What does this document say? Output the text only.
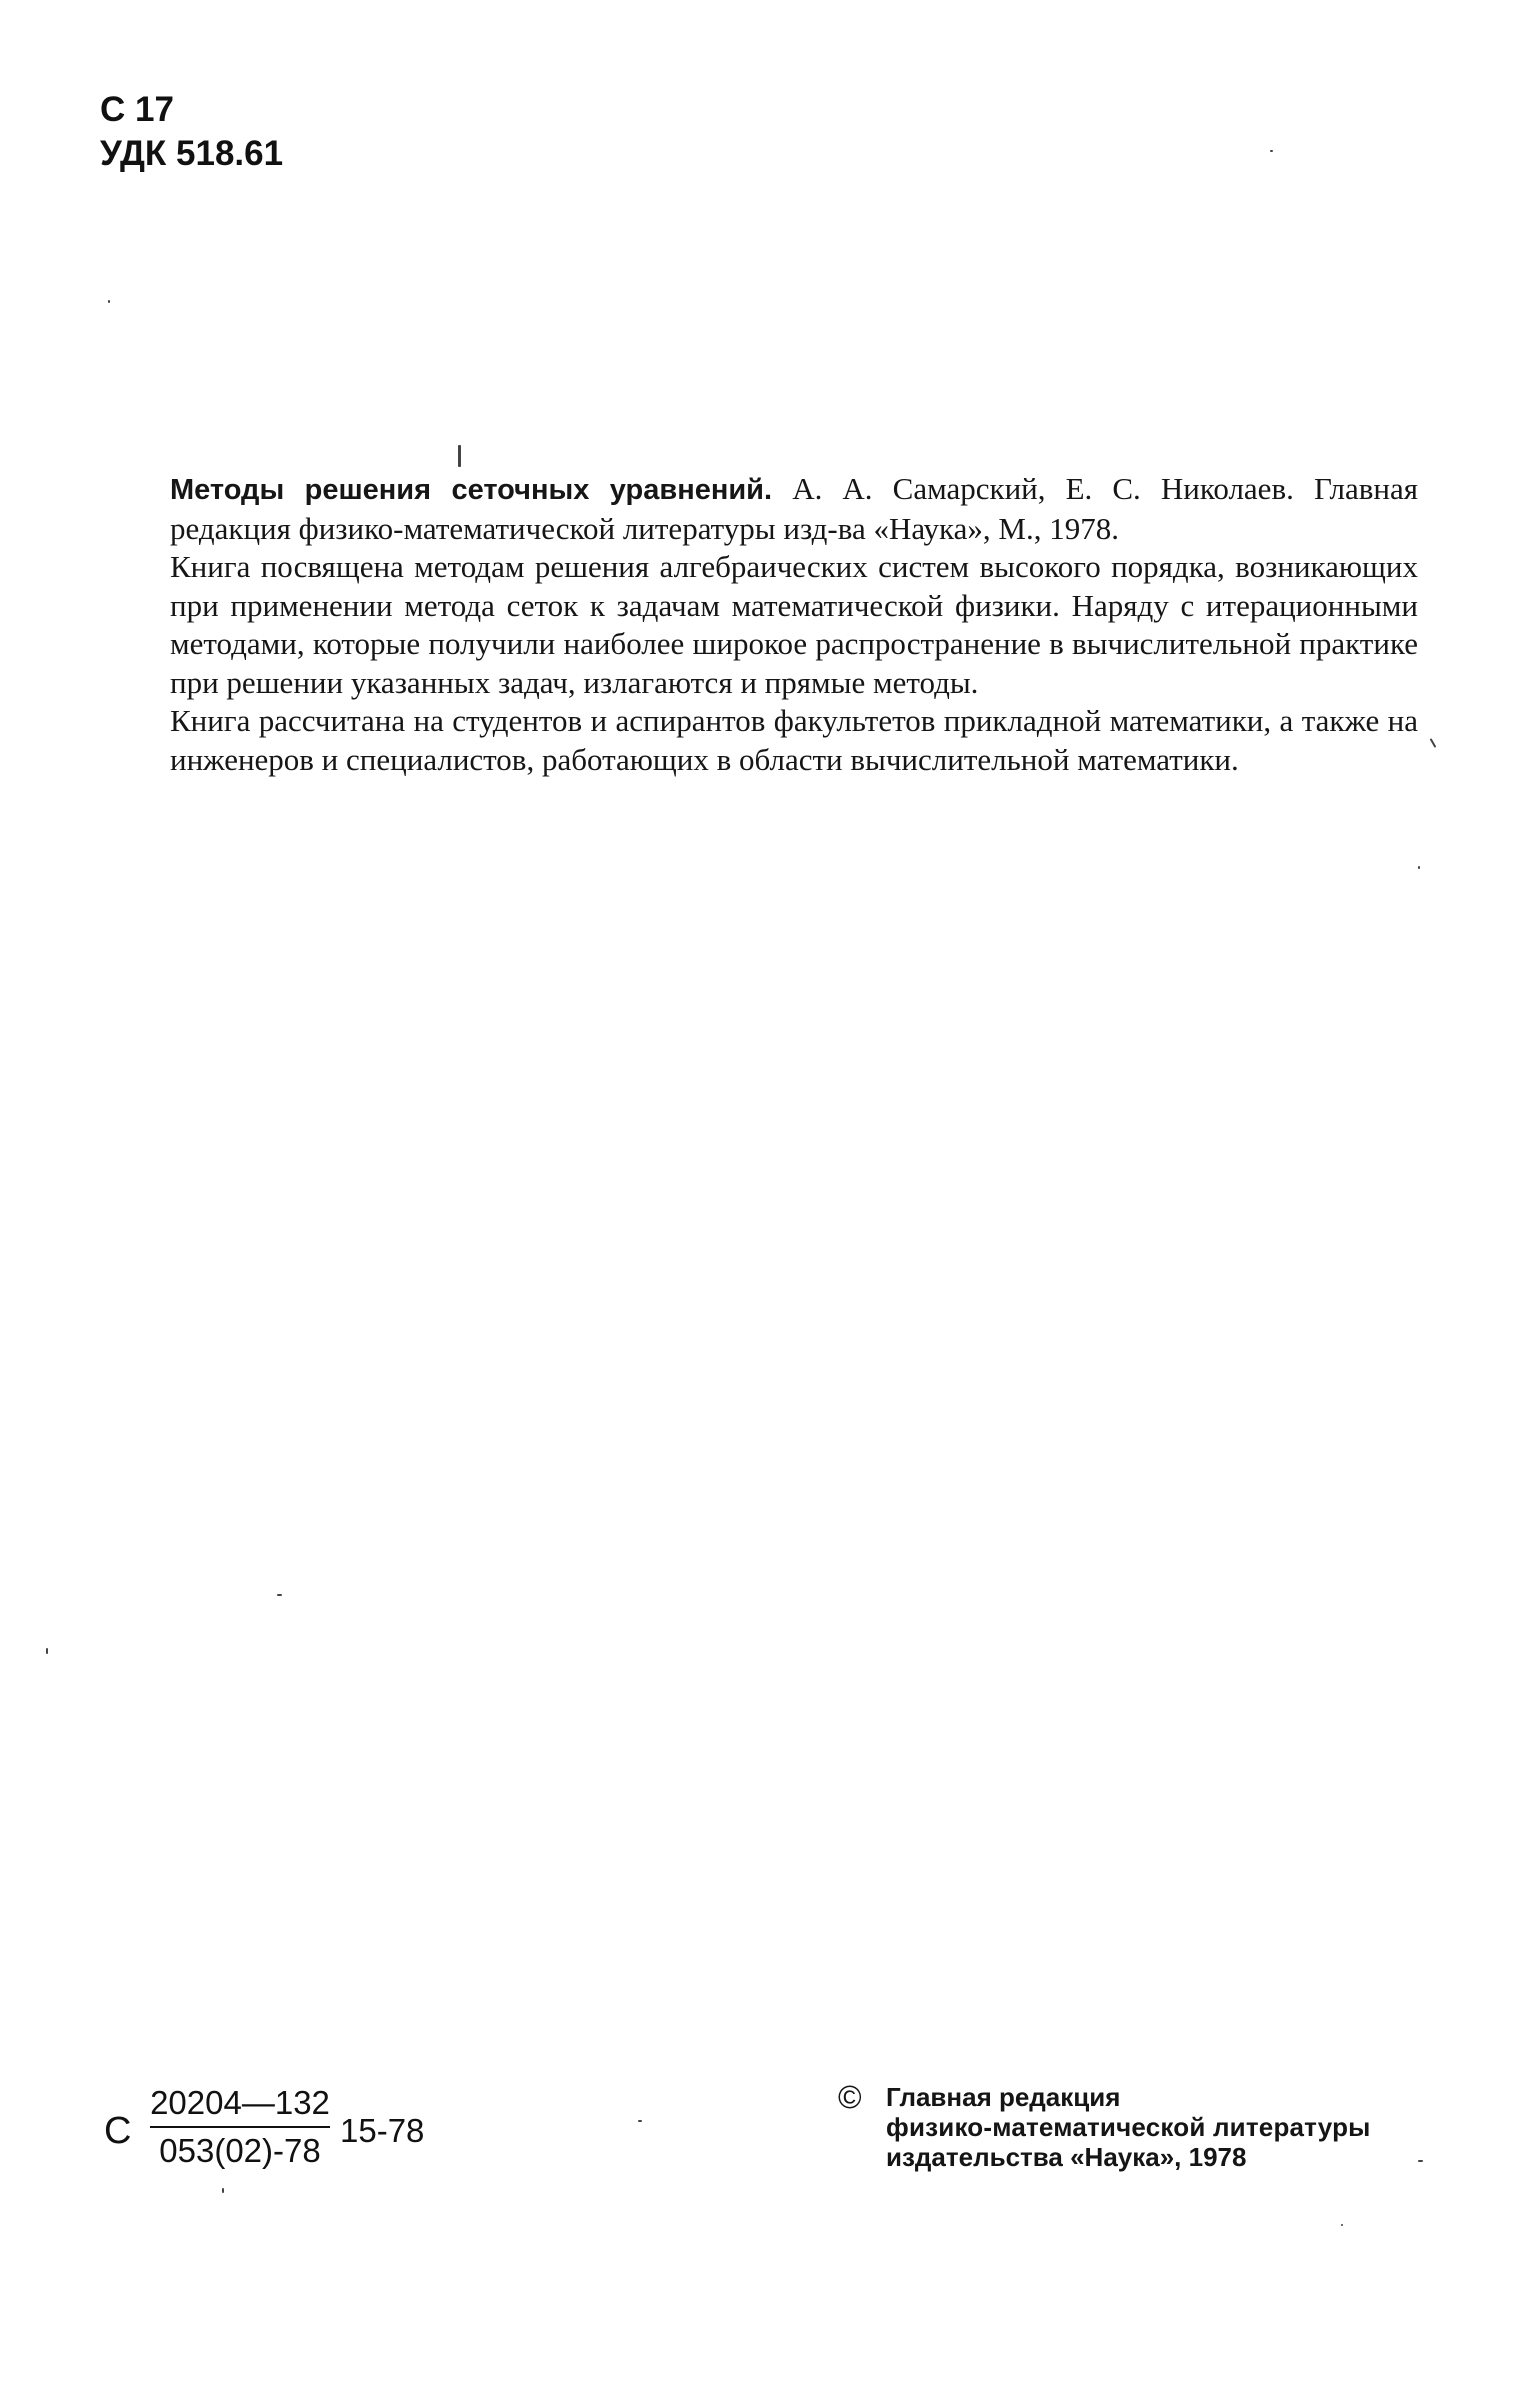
С 17
УДК 518.61

Методы решения сеточных уравнений. А. А. Самарский, Е. С. Николаев. Главная редакция физико-математической литературы изд-ва «Наука», М., 1978.

Книга посвящена методам решения алгебраических систем высокого порядка, возникающих при применении метода сеток к задачам математической физики. Наряду с итерационными методами, которые получили наиболее широкое распространение в вычислительной практике при решении указанных задач, излагаются и прямые методы.

Книга рассчитана на студентов и аспирантов факультетов прикладной математики, а также на инженеров и специалистов, работающих в области вычислительной математики.

С
20204—132
053(02)-78
15-78
© Главная редакция
физико-математической литературы
издательства «Наука», 1978
